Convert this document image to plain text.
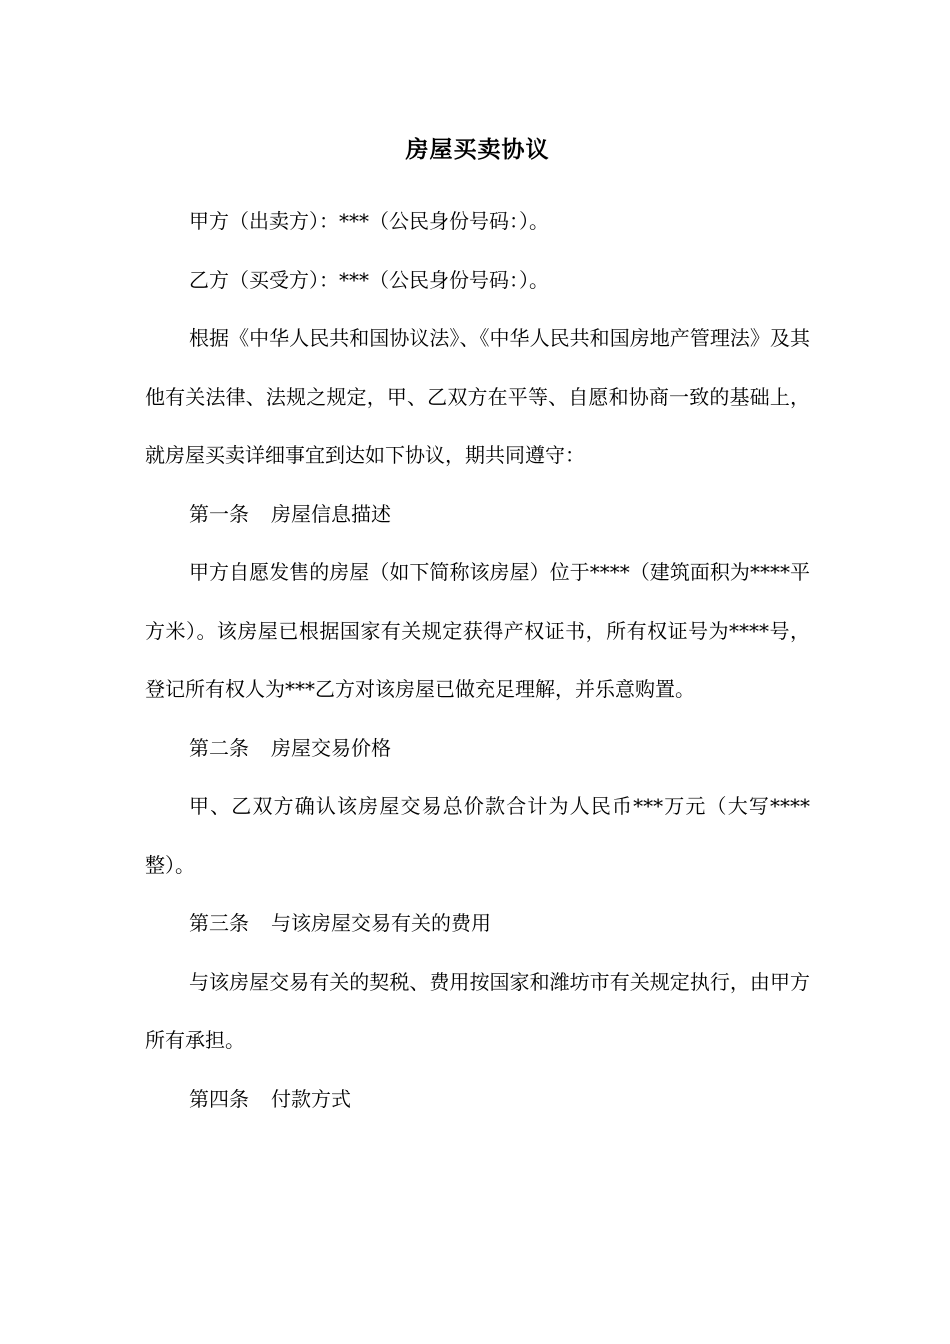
房屋买卖协议

甲方（出卖方）：***（公民身份号码：）。

乙方（买受方）：***（公民身份号码：）。

根据《中华人民共和国协议法》、《中华人民共和国房地产管理法》及其他有关法律、法规之规定，甲、乙双方在平等、自愿和协商一致的基础上，就房屋买卖详细事宜到达如下协议，期共同遵守：

第一条 房屋信息描述

甲方自愿发售的房屋（如下简称该房屋）位于****（建筑面积为****平方米）。该房屋已根据国家有关规定获得产权证书，所有权证号为****号，登记所有权人为***乙方对该房屋已做充足理解，并乐意购置。

第二条 房屋交易价格

甲、乙双方确认该房屋交易总价款合计为人民币***万元（大写****整）。

第三条 与该房屋交易有关的费用

与该房屋交易有关的契税、费用按国家和潍坊市有关规定执行，由甲方所有承担。

第四条 付款方式
